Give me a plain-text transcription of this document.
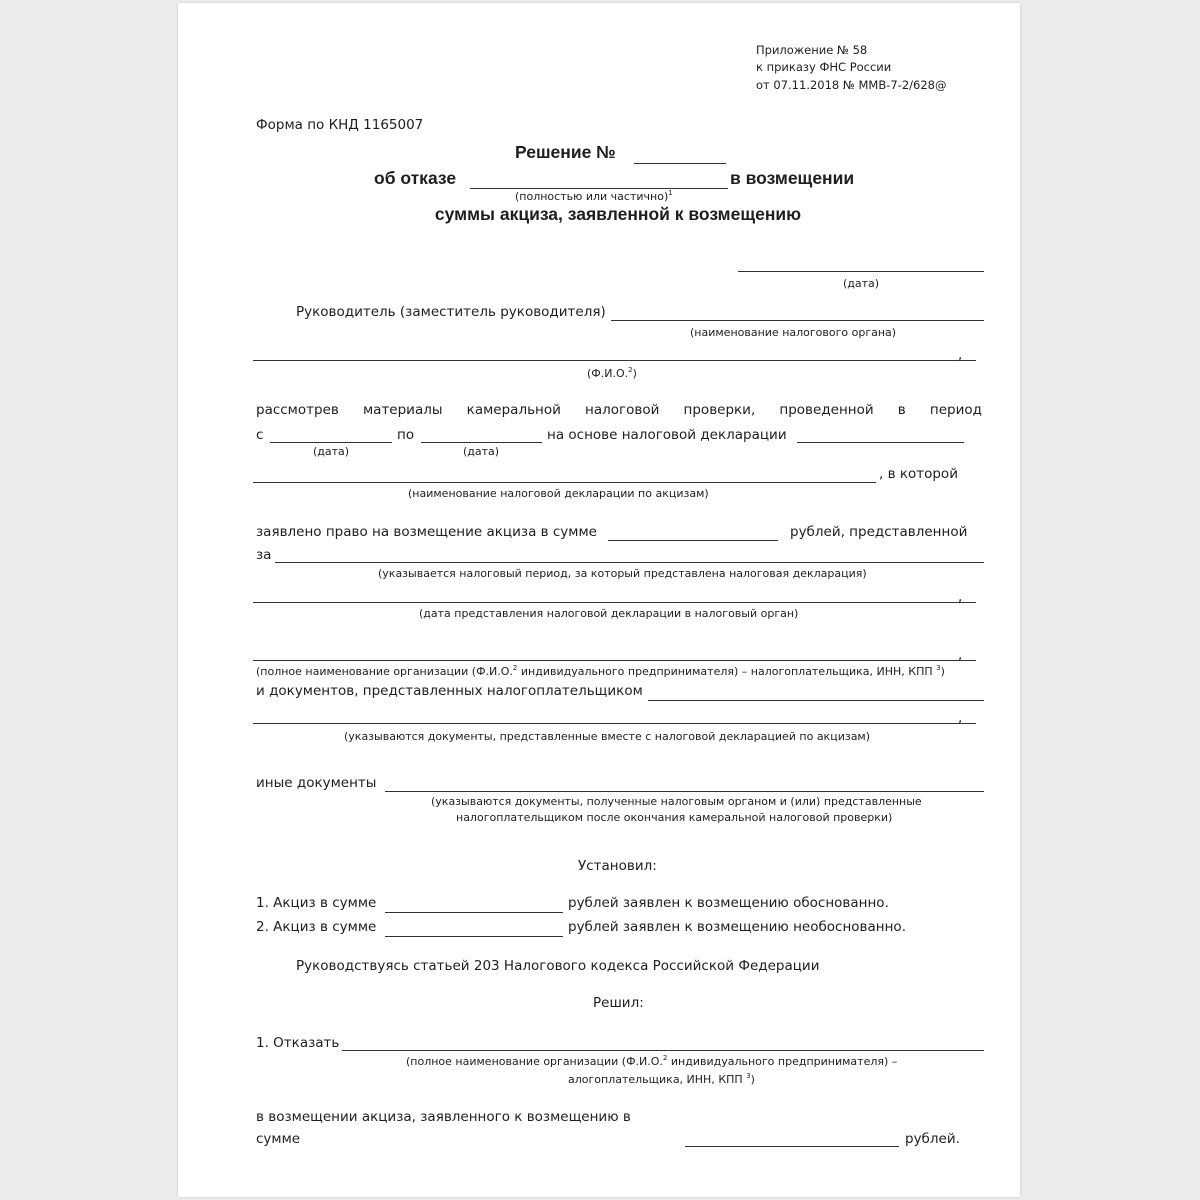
Приложение № 58
к приказу ФНС России
от 07.11.2018 № ММВ-7-2/628@
Форма по КНД 1165007
Решение №
об отказе	в возмещении
(полностью или частично)$^1$
суммы акциза, заявленной к возмещению
(дата)
Руководитель (заместитель руководителя)
(наименование налогового органа)
,
(Ф.И.О.$^2$)
рассмотрев материалы камеральной налоговой проверки, проведенной в период
с	по	на основе налоговой декларации
(дата)	(дата)
, в которой
(наименование налоговой декларации по акцизам)
заявлено право на возмещение акциза в сумме	рублей, представленной
за
(указывается налоговый период, за который представлена налоговая декларация)
,
(дата представления налоговой декларации в налоговый орган)
,
(полное наименование организации (Ф.И.О.$^2$ индивидуального предпринимателя) – налогоплательщика, ИНН, КПП $^3$)
и документов, представленных налогоплательщиком
,
(указываются документы, представленные вместе с налоговой декларацией по акцизам)
иные документы
(указываются документы, полученные налоговым органом и (или) представленные
налогоплательщиком после окончания камеральной налоговой проверки)
Установил:
1. Акциз в сумме	рублей заявлен к возмещению обоснованно.
2. Акциз в сумме	рублей заявлен к возмещению необоснованно.
Руководствуясь статьей 203 Налогового кодекса Российской Федерации
Решил:
1. Отказать
(полное наименование организации (Ф.И.О.$^2$ индивидуального предпринимателя) –
алогоплательщика, ИНН, КПП $^3$)
в возмещении акциза, заявленного к возмещению в
сумме	рублей.
